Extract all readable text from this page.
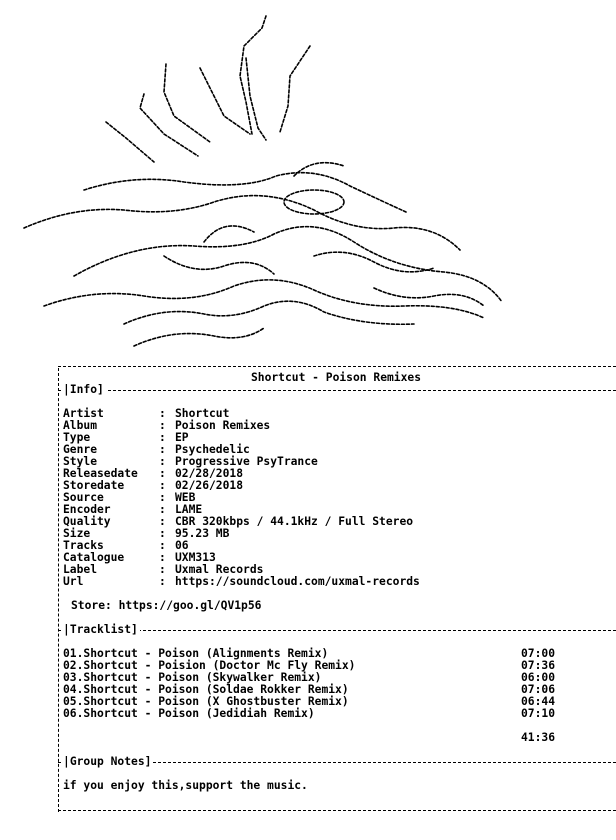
Shortcut - Poison Remixes
|Info]
Artist	: Shortcut
Album	: Poison Remixes
Type	: EP
Genre	: Psychedelic
Style	: Progressive PsyTrance
Releasedate : 02/28/2018
Storedate	: 02/26/2018
Source	: WEB
Encoder	: LAME
Quality	: CBR 320kbps / 44.1kHz / Full Stereo
Size	: 95.23 MB
Tracks	: 06
Catalogue	: UXM313
Label	: Uxmal Records
Url	: https://soundcloud.com/uxmal-records
Store: https://goo.gl/QV1p56
|Tracklist]
01.Shortcut - Poison (Alignments Remix)	07:00
02.Shortcut - Poision (Doctor Mc Fly Remix)	07:36
03.Shortcut - Poison (Skywalker Remix)	06:00
04.Shortcut - Poison (Soldae Rokker Remix)	07:06
05.Shortcut - Poison (X Ghostbuster Remix)	06:44
06.Shortcut - Poison (Jedidiah Remix)	07:10
41:36
|Group Notes]
if you enjoy this,support the music.
